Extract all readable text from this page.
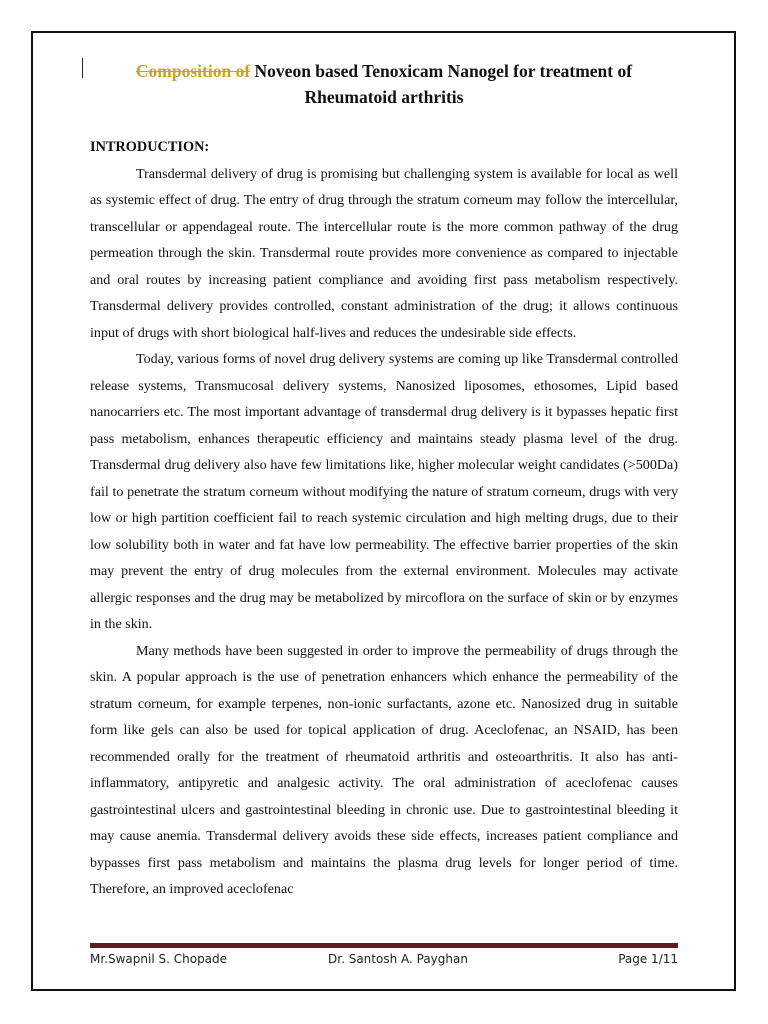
Composition of Noveon based Tenoxicam Nanogel for treatment of
Rheumatoid arthritis

INTRODUCTION:

Transdermal delivery of drug is promising but challenging system is available for local as well as systemic effect of drug. The entry of drug through the stratum corneum may follow the intercellular, transcellular or appendageal route. The intercellular route is the more common pathway of the drug permeation through the skin. Transdermal route provides more convenience as compared to injectable and oral routes by increasing patient compliance and avoiding first pass metabolism respectively. Transdermal delivery provides controlled, constant administration of the drug; it allows continuous input of drugs with short biological half-lives and reduces the undesirable side effects.

Today, various forms of novel drug delivery systems are coming up like Transdermal controlled release systems, Transmucosal delivery systems, Nanosized liposomes, ethosomes, Lipid based nanocarriers etc. The most important advantage of transdermal drug delivery is it bypasses hepatic first pass metabolism, enhances therapeutic efficiency and maintains steady plasma level of the drug. Transdermal drug delivery also have few limitations like, higher molecular weight candidates (>500Da) fail to penetrate the stratum corneum without modifying the nature of stratum corneum, drugs with very low or high partition coefficient fail to reach systemic circulation and high melting drugs, due to their low solubility both in water and fat have low permeability. The effective barrier properties of the skin may prevent the entry of drug molecules from the external environment. Molecules may activate allergic responses and the drug may be metabolized by mircoflora on the surface of skin or by enzymes in the skin.

Many methods have been suggested in order to improve the permeability of drugs through the skin. A popular approach is the use of penetration enhancers which enhance the permeability of the stratum corneum, for example terpenes, non-ionic surfactants, azone etc. Nanosized drug in suitable form like gels can also be used for topical application of drug. Aceclofenac, an NSAID, has been recommended orally for the treatment of rheumatoid arthritis and osteoarthritis. It also has anti-inflammatory, antipyretic and analgesic activity. The oral administration of aceclofenac causes gastrointestinal ulcers and gastrointestinal bleeding in chronic use. Due to gastrointestinal bleeding it may cause anemia. Transdermal delivery avoids these side effects, increases patient compliance and bypasses first pass metabolism and maintains the plasma drug levels for longer period of time. Therefore, an improved aceclofenac

Mr.Swapnil S. Chopade	Dr. Santosh A. Payghan	Page 1/11
